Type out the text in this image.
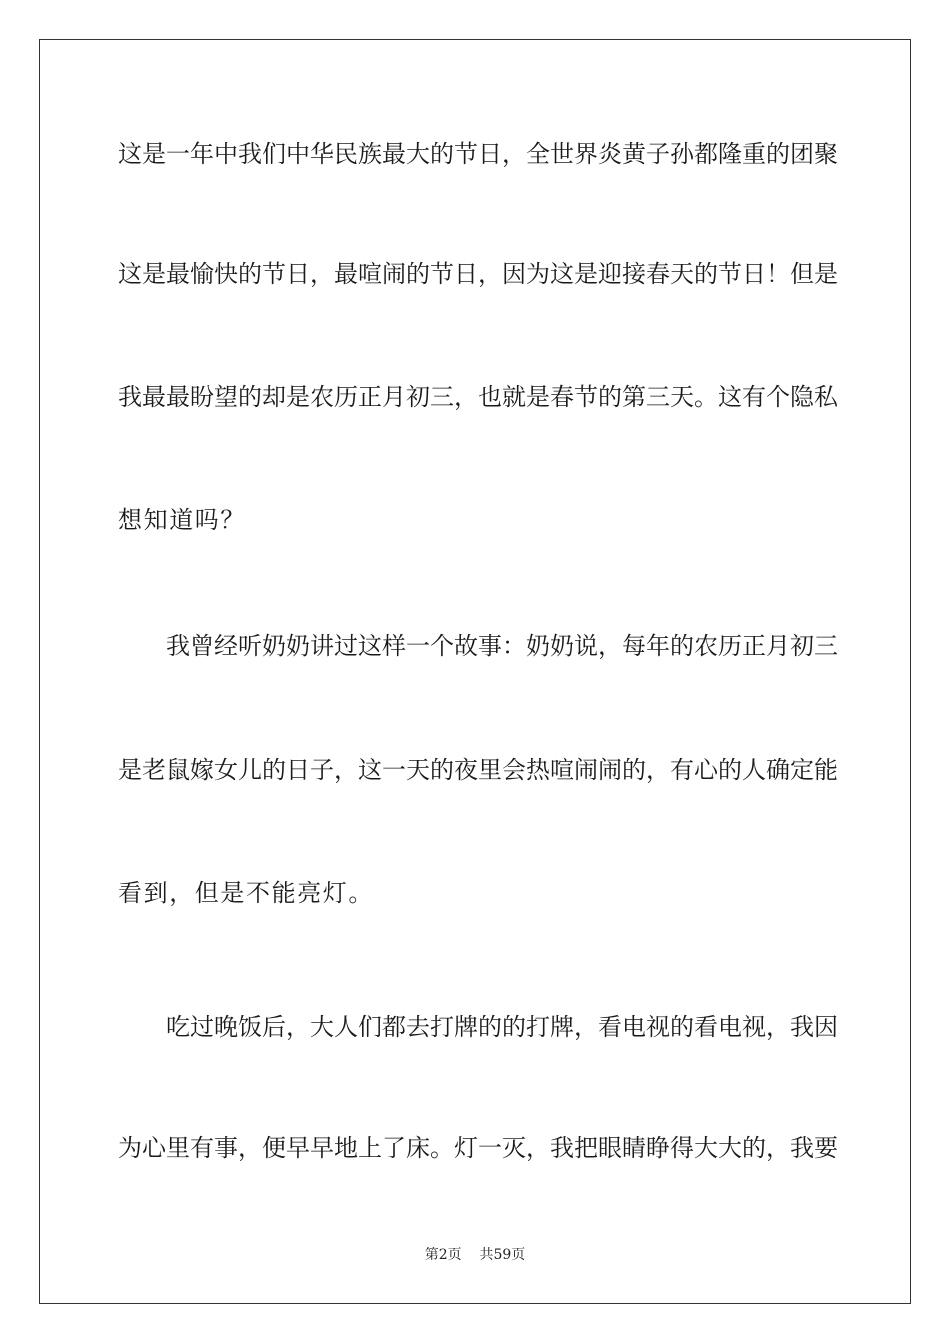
这是一年中我们中华民族最大的节日，全世界炎黄子孙都隆重的团聚
这是最愉快的节日，最喧闹的节日，因为这是迎接春天的节日！但是
我最最盼望的却是农历正月初三，也就是春节的第三天。这有个隐私
想知道吗？
我曾经听奶奶讲过这样一个故事：奶奶说，每年的农历正月初三
是老鼠嫁女儿的日子，这一天的夜里会热喧闹闹的，有心的人确定能
看到，但是不能亮灯。
吃过晚饭后，大人们都去打牌的的打牌，看电视的看电视，我因
为心里有事，便早早地上了床。灯一灭，我把眼睛睁得大大的，我要
第2页 共59页
